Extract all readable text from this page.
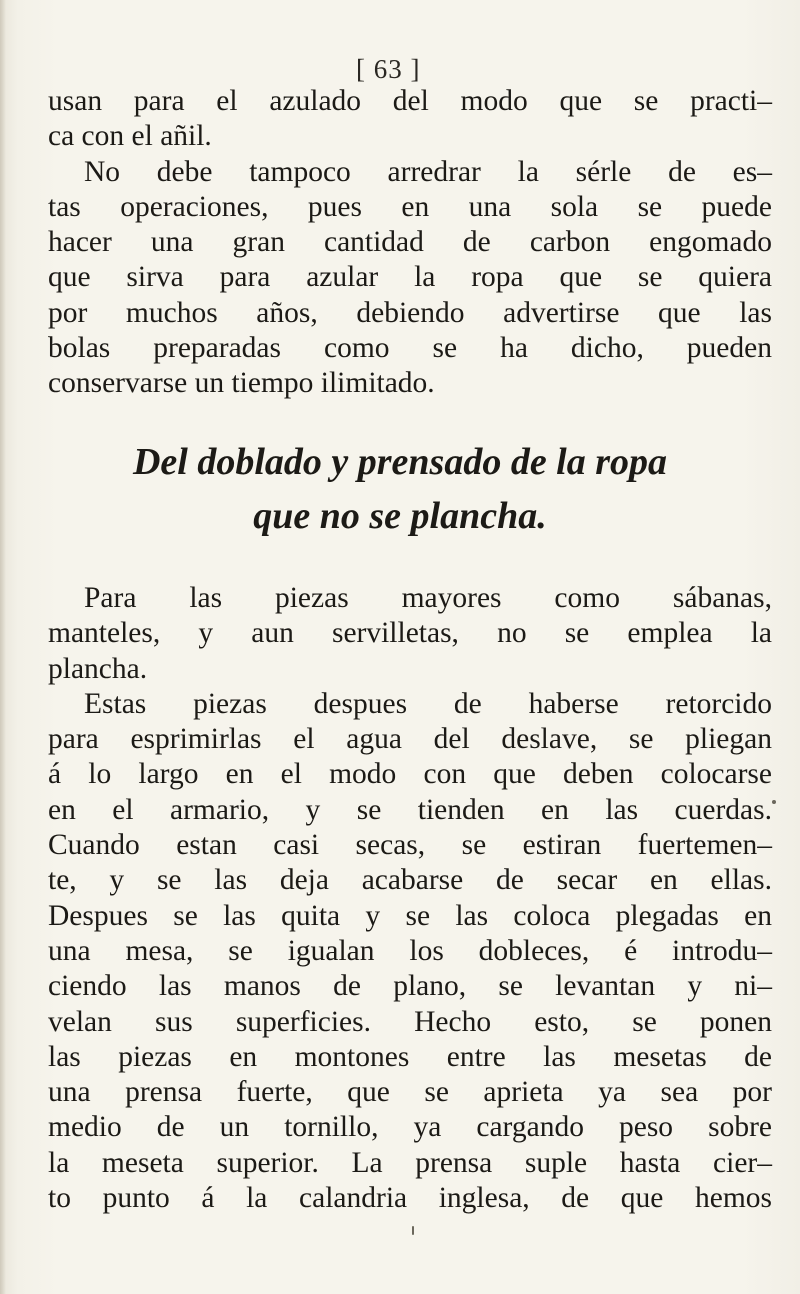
[ 63 ]
usan para el azulado del modo que se practi–
ca con el añil.
No debe tampoco arredrar la sérle de es–
tas operaciones, pues en una sola se puede
hacer una gran cantidad de carbon engomado
que sirva para azular la ropa que se quiera
por muchos años, debiendo advertirse que las
bolas preparadas como se ha dicho, pueden
conservarse un tiempo ilimitado.
Del doblado y prensado de la ropa
que no se plancha.
Para las piezas mayores como sábanas,
manteles, y aun servilletas, no se emplea la
plancha.
Estas piezas despues de haberse retorcido
para esprimirlas el agua del deslave, se pliegan
á lo largo en el modo con que deben colocarse
en el armario, y se tienden en las cuerdas.
Cuando estan casi secas, se estiran fuertemen–
te, y se las deja acabarse de secar en ellas.
Despues se las quita y se las coloca plegadas en
una mesa, se igualan los dobleces, é introdu–
ciendo las manos de plano, se levantan y ni–
velan sus superficies. Hecho esto, se ponen
las piezas en montones entre las mesetas de
una prensa fuerte, que se aprieta ya sea por
medio de un tornillo, ya cargando peso sobre
la meseta superior. La prensa suple hasta cier–
to punto á la calandria inglesa, de que hemos
